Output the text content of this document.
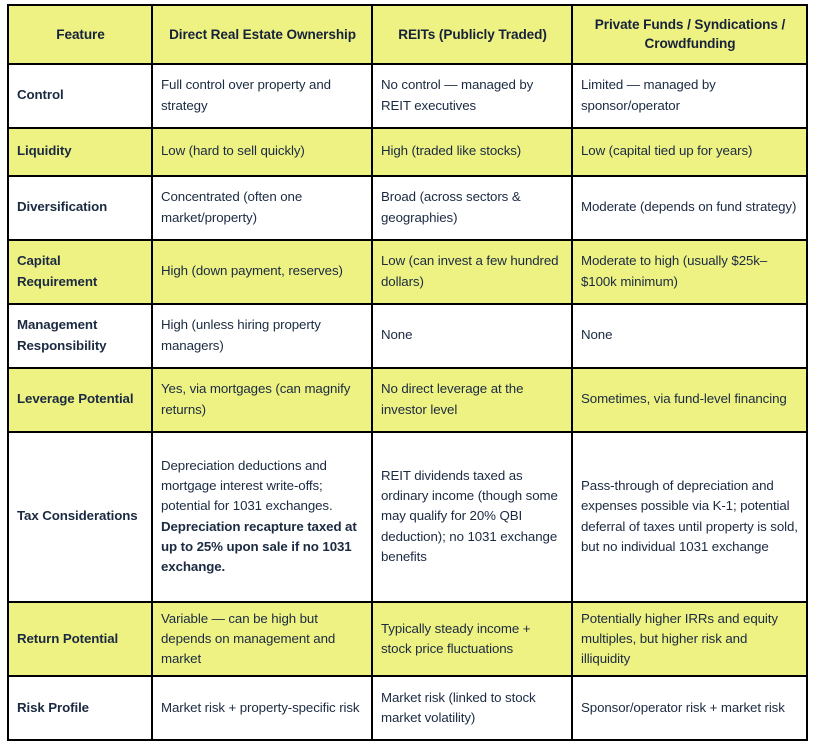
Feature	Direct Real Estate Ownership	REITs (Publicly Traded)	Private Funds / Syndications / Crowdfunding
Control	Full control over property and strategy	No control — managed by REIT executives	Limited — managed by sponsor/operator
Liquidity	Low (hard to sell quickly)	High (traded like stocks)	Low (capital tied up for years)
Diversification	Concentrated (often one market/property)	Broad (across sectors & geographies)	Moderate (depends on fund strategy)
Capital Requirement	High (down payment, reserves)	Low (can invest a few hundred dollars)	Moderate to high (usually $25k–$100k minimum)
Management Responsibility	High (unless hiring property managers)	None	None
Leverage Potential	Yes, via mortgages (can magnify returns)	No direct leverage at the investor level	Sometimes, via fund-level financing
Tax Considerations	Depreciation deductions and mortgage interest write-offs; potential for 1031 exchanges. Depreciation recapture taxed at up to 25% upon sale if no 1031 exchange.	REIT dividends taxed as ordinary income (though some may qualify for 20% QBI deduction); no 1031 exchange benefits	Pass-through of depreciation and expenses possible via K-1; potential deferral of taxes until property is sold, but no individual 1031 exchange
Return Potential	Variable — can be high but depends on management and market	Typically steady income + stock price fluctuations	Potentially higher IRRs and equity multiples, but higher risk and illiquidity
Risk Profile	Market risk + property-specific risk	Market risk (linked to stock market volatility)	Sponsor/operator risk + market risk
